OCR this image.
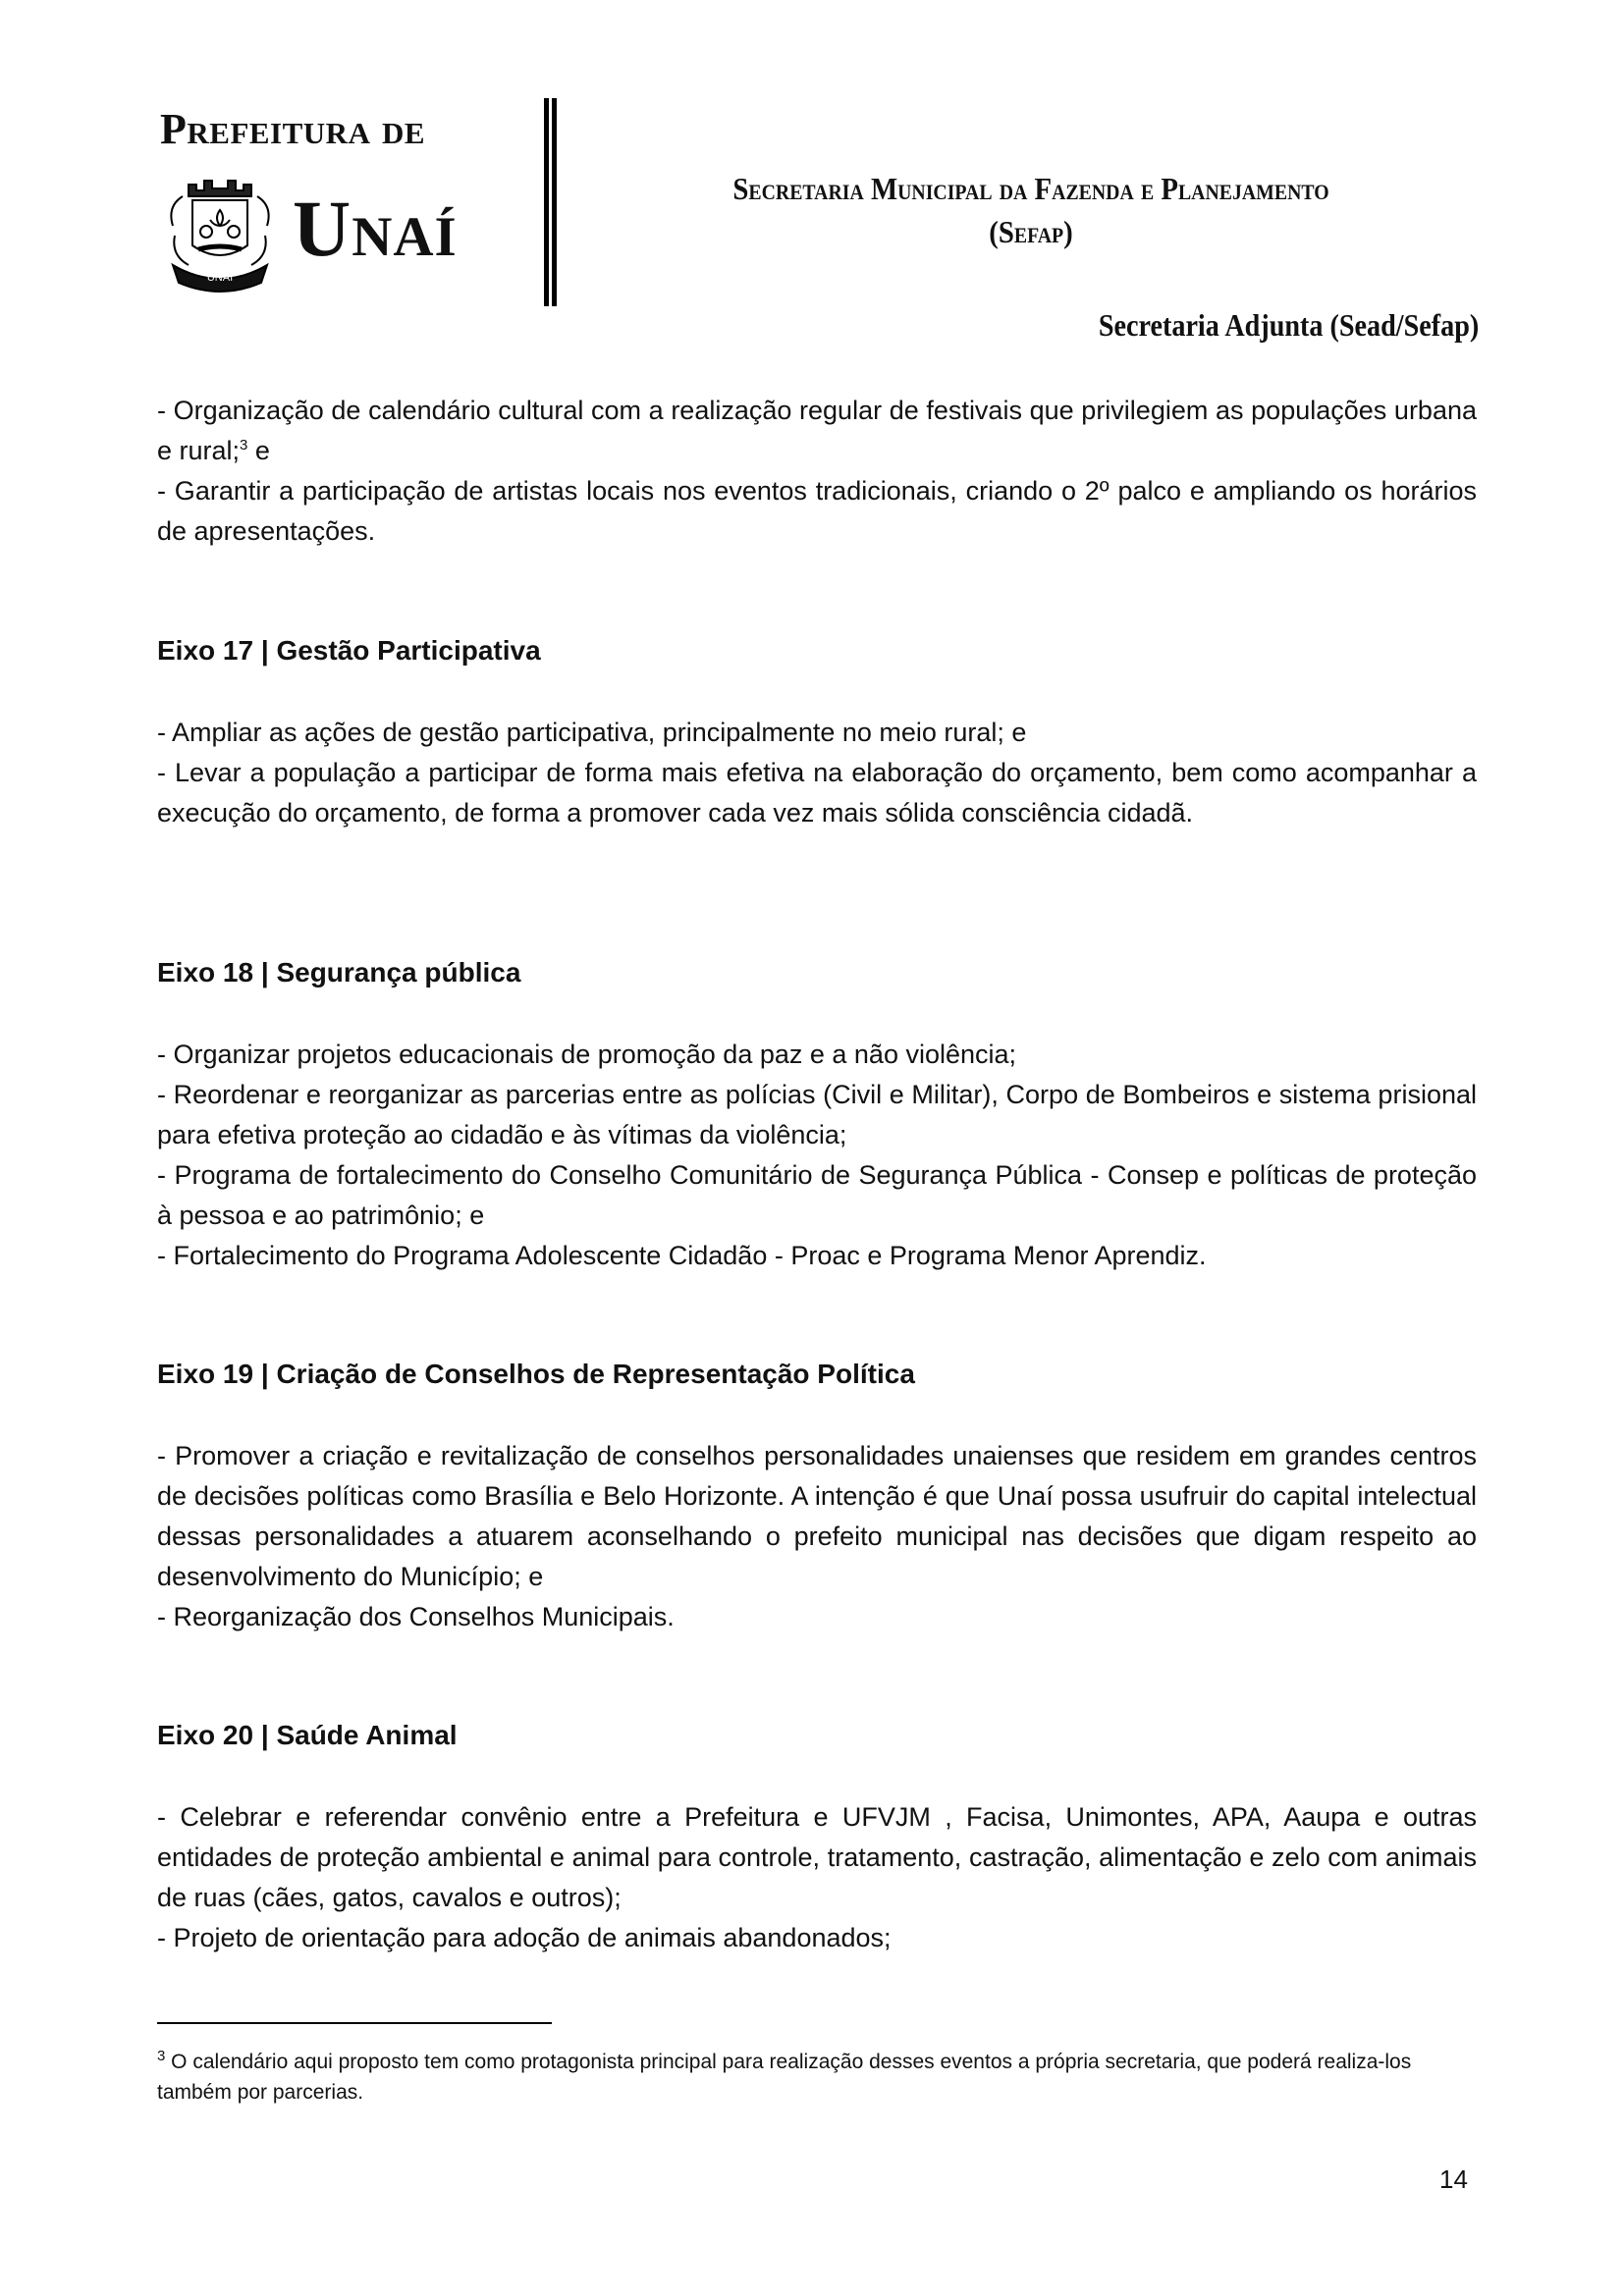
Prefeitura de
UNAÍ
Unaí	Secretaria Municipal da Fazenda e Planejamento
(Sefap)
Secretaria Adjunta (Sead/Sefap)

- Organização de calendário cultural com a realização regular de festivais que privilegiem as populações urbana e rural;$^3$ e

- Garantir a participação de artistas locais nos eventos tradicionais, criando o 2º palco e ampliando os horários de apresentações.

Eixo 17 | Gestão Participativa

- Ampliar as ações de gestão participativa, principalmente no meio rural; e

- Levar a população a participar de forma mais efetiva na elaboração do orçamento, bem como acompanhar a execução do orçamento, de forma a promover cada vez mais sólida consciência cidadã.

Eixo 18 | Segurança pública

- Organizar projetos educacionais de promoção da paz e a não violência;

- Reordenar e reorganizar as parcerias entre as polícias (Civil e Militar), Corpo de Bombeiros e sistema prisional para efetiva proteção ao cidadão e às vítimas da violência;

- Programa de fortalecimento do Conselho Comunitário de Segurança Pública - Consep e políticas de proteção à pessoa e ao patrimônio; e

- Fortalecimento do Programa Adolescente Cidadão - Proac e Programa Menor Aprendiz.

Eixo 19 | Criação de Conselhos de Representação Política

- Promover a criação e revitalização de conselhos personalidades unaienses que residem em grandes centros de decisões políticas como Brasília e Belo Horizonte. A intenção é que Unaí possa usufruir do capital intelectual dessas personalidades a atuarem aconselhando o prefeito municipal nas decisões que digam respeito ao desenvolvimento do Município; e

- Reorganização dos Conselhos Municipais.

Eixo 20 | Saúde Animal

- Celebrar e referendar convênio entre a Prefeitura e UFVJM , Facisa, Unimontes, APA, Aaupa e outras entidades de proteção ambiental e animal para controle, tratamento, castração, alimentação e zelo com animais de ruas (cães, gatos, cavalos e outros);

- Projeto de orientação para adoção de animais abandonados;

$^3$ O calendário aqui proposto tem como protagonista principal para realização desses eventos a própria secretaria, que poderá realiza-los também por parcerias.
14
